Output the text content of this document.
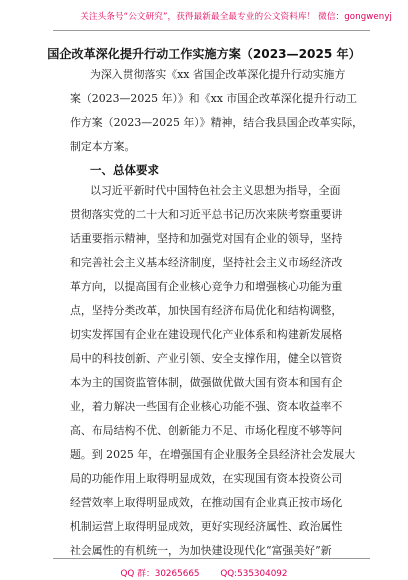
关注头条号“公文研究”，获得最新最全最专业的公文资料库！ 微信：gongwenyj
国企改革深化提升行动工作实施方案（2023—2025 年）
为深入贯彻落实《xx 省国企改革深化提升行动实施方
案（2023—2025 年）》和《xx 市国企改革深化提升行动工
作方案（2023—2025 年）》精神，结合我县国企改革实际，
制定本方案。
一、总体要求
以习近平新时代中国特色社会主义思想为指导，全面
贯彻落实党的二十大和习近平总书记历次来陕考察重要讲
话重要指示精神，坚持和加强党对国有企业的领导，坚持
和完善社会主义基本经济制度，坚持社会主义市场经济改
革方向，以提高国有企业核心竞争力和增强核心功能为重
点，坚持分类改革，加快国有经济布局优化和结构调整，
切实发挥国有企业在建设现代化产业体系和构建新发展格
局中的科技创新、产业引领、安全支撑作用，健全以管资
本为主的国资监管体制，做强做优做大国有资本和国有企
业，着力解决一些国有企业核心功能不强、资本收益率不
高、布局结构不优、创新能力不足、市场化程度不够等问
题。到 2025 年，在增强国有企业服务全县经济社会发展大
局的功能作用上取得明显成效，在实现国有资本投资公司
经营效率上取得明显成效，在推动国有企业真正按市场化
机制运营上取得明显成效，更好实现经济属性、政治属性
社会属性的有机统一，为加快建设现代化“富强美好”新
QQ 群：30265665 QQ:535304092
